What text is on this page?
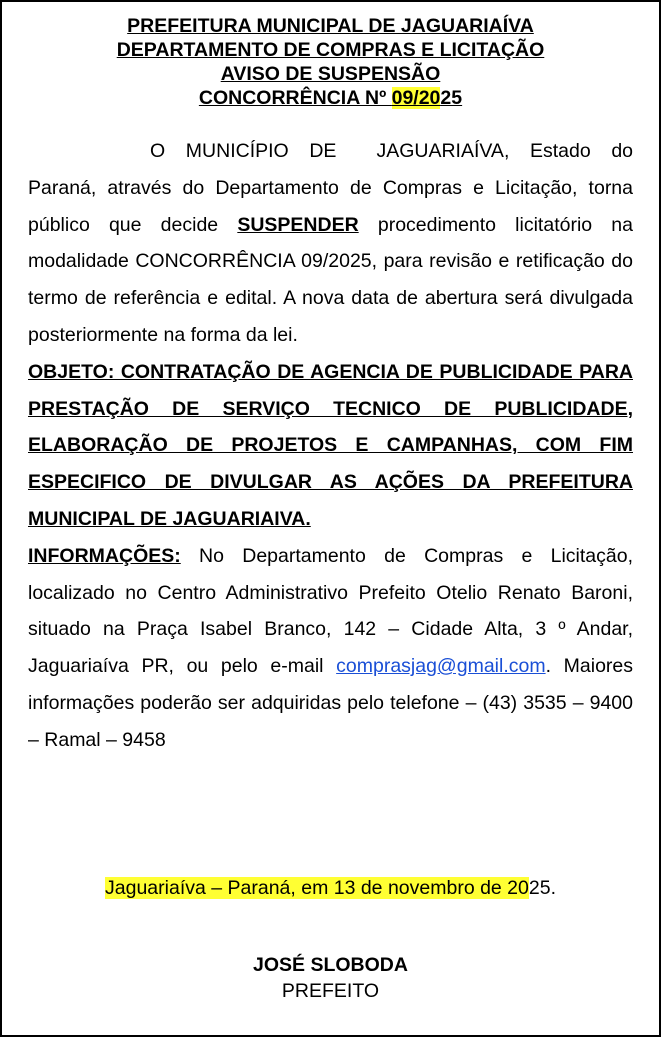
PREFEITURA MUNICIPAL DE JAGUARIAÍVA
DEPARTAMENTO DE COMPRAS E LICITAÇÃO
AVISO DE SUSPENSÃO
CONCORRÊNCIA Nº 09/2025

O MUNICÍPIO DE JAGUARIAÍVA, Estado do Paraná, através do Departamento de Compras e Licitação, torna público que decide SUSPENDER procedimento licitatório na modalidade CONCORRÊNCIA 09/2025, para revisão e retificação do termo de referência e edital. A nova data de abertura será divulgada posteriormente na forma da lei.

OBJETO: CONTRATAÇÃO DE AGENCIA DE PUBLICIDADE PARA PRESTAÇÃO DE SERVIÇO TECNICO DE PUBLICIDADE, ELABORAÇÃO DE PROJETOS E CAMPANHAS, COM FIM ESPECIFICO DE DIVULGAR AS AÇÕES DA PREFEITURA MUNICIPAL DE JAGUARIAIVA.

INFORMAÇÕES: No Departamento de Compras e Licitação, localizado no Centro Administrativo Prefeito Otelio Renato Baroni, situado na Praça Isabel Branco, 142 – Cidade Alta, 3 º Andar, Jaguariaíva PR, ou pelo e-mail comprasjag@gmail.com. Maiores informações poderão ser adquiridas pelo telefone – (43) 3535 – 9400 – Ramal – 9458

Jaguariaíva – Paraná, em 13 de novembro de 2025.
JOSÉ SLOBODA
PREFEITO
